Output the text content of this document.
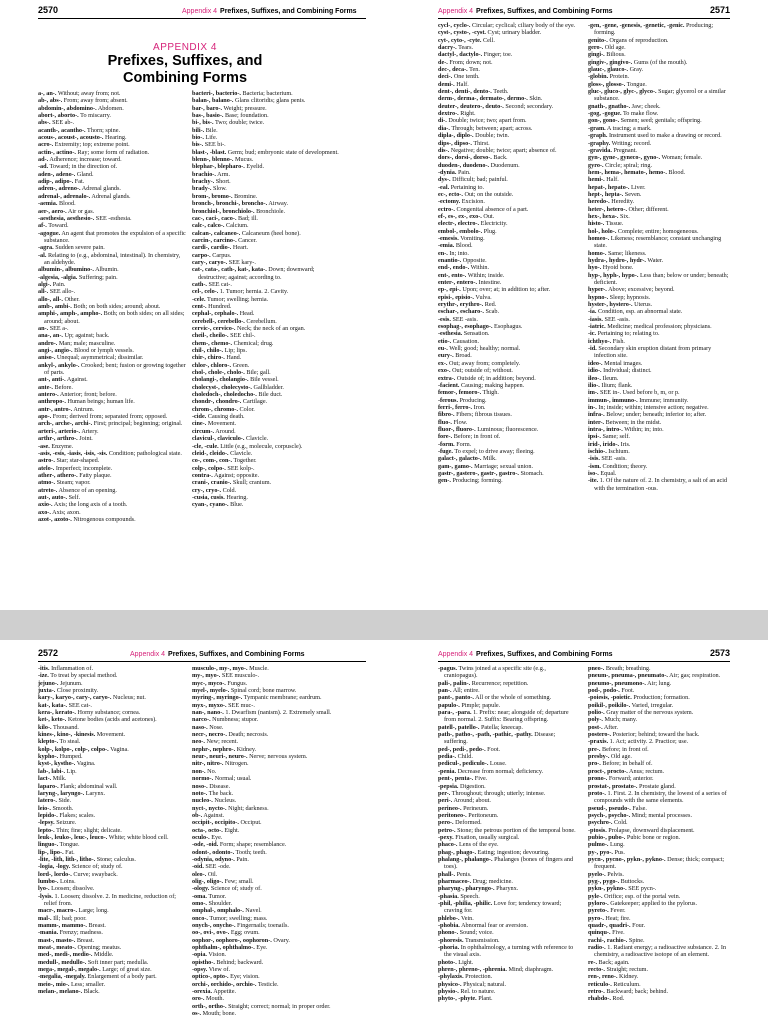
2570	Appendix 4 Prefixes, Suffixes, and Combining Forms	2571
Appendix 4 Prefixes, Suffixes, and Combining Forms
APPENDIX 4
Prefixes, Suffixes, and Combining Forms

a-, an-. Without; away from; not.

ab-, abs-. From; away from; absent.

abdomin-, abdomino-. Abdomen.

abort-, aborto-. To miscarry.

abs-. SEE ab-.

acanth-, acantho-. Thorn; spine.

acous-, acoust-, acousto-. Hearing.

acro-. Extremity; top; extreme point.

actin-, actino-. Ray; some form of radiation.

ad-. Adherence; increase; toward.

-ad. Toward; in the direction of.

aden-, adeno-. Gland.

adip-, adipo-. Fat.

adren-, adreno-. Adrenal glands.

adrenal-, adrenalo-. Adrenal glands.

-aemia. Blood.

aer-, aero-. Air or gas.

-aesthesia, aesthesio-. SEE -esthesia.

af-. Toward.

-agogue. An agent that promotes the expulsion of a specific substance.

-agra. Sudden severe pain.

-al. Relating to (e.g., abdominal, intestinal). In chemistry, an aldehyde.

albumin-, albumino-. Albumin.

-algesia, -algia. Suffering; pain.

algi-. Pain.

all-. SEE allo-.

allo-, all-. Other.

amb-, ambi-. Both; on both sides; around; about.

amphi-, amph-, ampho-. Both; on both sides; on all sides; around; about.

an-. SEE a-.

ana-, an-. Up; against; back.

andro-. Man; male; masculine.

angi-, angio-. Blood or lymph vessels.

aniso-. Unequal; asymmetrical; dissimilar.

ankyl-, ankylo-. Crooked; bent; fusion or growing together of parts.

ant-, anti-. Against.

ante-. Before.

antero-. Anterior; front; before.

anthropo-. Human beings; human life.

antr-, antro-. Antrum.

apo-. From; derived from; separated from; opposed.

arch-, arche-, archi-. First; principal; beginning; original.

arteri-, arterio-. Artery.

arthr-, arthro-. Joint.

-ase. Enzyme.

-asis, -esis, -iasis, -isis, -sis. Condition; pathological state.

astro-. Star; star-shaped.

atelo-. Imperfect; incomplete.

ather-, athero-. Fatty plaque.

atmo-. Steam; vapor.

atreto-. Absence of an opening.

aut-, auto-. Self.

axio-. Axis; the long axis of a tooth.

axo-. Axis; axon.

azot-, azoto-. Nitrogenous compounds.

bacteri-, bacterio-. Bacteria; bacterium.

balan-, balano-. Glans clitoridis; glans penis.

bar-, baro-. Weight; pressure.

bas-, basio-. Base; foundation.

bi-, bis-. Two; double; twice.

bili-. Bile.

bio-. Life.

bis-. SEE bi-.

blast-, -blast. Germ; bud; embryonic state of development.

blenn-, blenno-. Mucus.

blephar-, blepharo-. Eyelid.

brachio-. Arm.

brachy-. Short.

brady-. Slow.

brom-, bromo-. Bromine.

bronch-, bronchi-, broncho-. Airway.

bronchiol-, bronchiolo-. Bronchiole.

cac-, caci-, caco-. Bad; ill.

calc-, calco-. Calcium.

calcan-, calcaneo-. Calcaneum (heel bone).

carcin-, carcino-. Cancer.

cardi-, cardio-. Heart.

carpo-. Carpus.

cary-, caryo-. SEE kary-.

cat-, cata-, cath-, kat-, kata-. Down; downward; destructive; against; according to.

cath-. SEE cat-.

cel-, celo-. 1. Tumor; hernia. 2. Cavity.

-cele. Tumor; swelling; hernia.

cent-. Hundred.

cephal-, cephalo-. Head.

cerebell-, cerebello-. Cerebellum.

cervic-, cervico-. Neck; the neck of an organ.

cheil-, cheilo-. SEE chil-.

chem-, chemo-. Chemical; drug.

chil-, chilo-. Lip; lips.

chir-, chiro-. Hand.

chlor-, chloro-. Green.

chol-, chole-, cholo-. Bile; gall.

cholangi-, cholangio-. Bile vessel.

cholecyst-, cholecysto-. Gallbladder.

choledoch-, choledocho-. Bile duct.

chondr-, chondro-. Cartilage.

chrom-, chromo-. Color.

-cide. Causing death.

cine-. Movement.

circum-. Around.

clavicul-, claviculo-. Clavicle.

-cle, -cule. Little (e.g., molecule, corpuscle).

cleid-, cleido-. Clavicle.

co-, com-, con-. Together.

colp-, colpo-. SEE kolp-.

contra-. Against; opposite.

crani-, cranio-. Skull; cranium.

cry-, cryo-. Cold.

-cusia, cusis. Hearing.

cyan-, cyano-. Blue.

cycl-, cyclo-. Circular; cyclical; ciliary body of the eye.

cyst-, cysto-, -cyst. Cyst; urinary bladder.

cyt-, cyto-, -cyte. Cell.

dacry-. Tears.

dactyl-, dactylo-. Finger; toe.

de-. From; down; not.

dec-, deca-. Ten.

deci-. One tenth.

demi-. Half.

dent-, denti-, dento-. Teeth.

derm-, derma-, dermato-, dermo-. Skin.

deuter-, deutero-, deuto-. Second; secondary.

dextro-. Right.

di-. Double; twice; two; apart from.

dia-. Through; between; apart; across.

dipla-, diplo-. Double; twin.

dips-, dipso-. Thirst.

dis-. Negative; double; twice; apart; absence of.

dors-, dorsi-, dorso-. Back.

duoden-, duodeno-. Duodenum.

-dynia. Pain.

dys-. Difficult; bad; painful.

-eal. Pertaining to.

ec-, ecto-. Out; on the outside.

-ectomy. Excision.

ectro-. Congenital absence of a part.

ef-, es-, ex-, exo-. Out.

electr-, electro-. Electricity.

embol-, embolo-. Plug.

-emesis. Vomiting.

-emia. Blood.

en-. In; into.

enantio-. Opposite.

end-, endo-. Within.

ent-, ento-. Within; inside.

enter-, entero-. Intestine.

ep-, epi-. Upon; over; at; in addition to; after.

episi-, episio-. Vulva.

erythr-, erythro-. Red.

eschar-, escharo-. Scab.

-esis. SEE -asis.

esophag-, esophago-. Esophagus.

-esthesia. Sensation.

etio-. Causation.

eu-. Well; good; healthy; normal.

eury-. Broad.

ex-. Out; away from; completely.

exo-. Out; outside of; without.

extra-. Outside of; in addition; beyond.

-facient. Causing; making happen.

femor-, femoro-. Thigh.

-ferous. Producing.

ferri-, ferro-. Iron.

fibro-. Fibers; fibrous tissues.

fluo-. Flow.

fluor-, fluoro-. Luminous; fluorescence.

fore-. Before; in front of.

-form. Form.

-fuge. To expel; to drive away; fleeing.

galact-, galacto-. Milk.

gam-, gamo-. Marriage; sexual union.

gastr-, gastero-, gastr-, gastro-. Stomach.

gen-. Producing; forming.

-gen, -gene, -genesis, -genetic, -genic. Producing; forming.

genito-. Organs of reproduction.

gero-. Old age.

gingi-. Bilious.

gingiv-, gingivo-. Gums (of the mouth).

glauc-, glauco-. Gray.

-globin. Protein.

gloss-, glosso-. Tongue.

gluc-, gluco-, glyc-, glyco-. Sugar; glycerol or a similar substance.

gnath-, gnatho-. Jaw; cheek.

-gog, -gogue. To make flow.

gon-, gono-. Semen; seed; genitals; offspring.

-gram. A tracing; a mark.

-graph. Instrument used to make a drawing or record.

-graphy. Writing; record.

-gravida. Pregnant.

gyn-, gyne-, gyneco-, gyno-. Woman; female.

gyro-. Circle; spiral; ring.

hem-, hema-, hemato-, hemo-. Blood.

hemi-. Half.

hepat-, hepato-. Liver.

hept-, hepta-. Seven.

heredo-. Heredity.

heter-, hetero-. Other; different.

hex-, hexa-. Six.

histo-. Tissue.

hol-, holo-. Complete; entire; homogeneous.

homeo-. Likeness; resemblance; constant unchanging state.

homo-. Same; likeness.

hydra-, hydro-, hydr-. Water.

hyo-. Hyoid bone.

hyp-, hyph-, hypo-. Less than; below or under; beneath; deficient.

hyper-. Above; excessive; beyond.

hypno-. Sleep; hypnosis.

hyster-, hystero-. Uterus.

-ia. Condition, esp. an abnormal state.

-iasis. SEE -asis.

-iatric. Medicine; medical profession; physicians.

-ic. Pertaining to; relating to.

ichthyo-. Fish.

-id. Secondary skin eruption distant from primary infection site.

ideo-. Mental images.

idio-. Individual; distinct.

ileo-. Ileum.

ilio-. Ilium; flank.

im-. SEE in-. Used before b, m, or p.

immun-, immuno-. Immune; immunity.

in-. In; inside; within; intensive action; negative.

infra-. Below; under; beneath; inferior to; after.

inter-. Between; in the midst.

intra-, intro-. Within; in; into.

ipsi-. Same; self.

irid-, irido-. Iris.

ischio-. Ischium.

-isis. SEE -asis.

-ism. Condition; theory.

iso-. Equal.

-ite. 1. Of the nature of. 2. In chemistry, a salt of an acid with the termination -ous.

2572	Appendix 4 Prefixes, Suffixes, and Combining Forms	2573
Appendix 4 Prefixes, Suffixes, and Combining Forms

-itis. Inflammation of.

-ize. To treat by special method.

jejuno-. Jejunum.

juxta-. Close proximity.

kary-, karyo-, cary-, caryo-. Nucleus; nut.

kat-, kata-. SEE cat-.

kera-, kerato-. Horny substance; cornea.

ket-, keto-. Ketone bodies (acids and acetones).

kilo-. Thousand.

kines-, kino-, -kinesis. Movement.

klepto-. To steal.

kolp-, kolpo-, colp-, colpo-. Vagina.

kypho-. Humped.

kyst-, kystho-. Vagina.

lab-, labi-. Lip.

lact-. Milk.

laparo-. Flank; abdominal wall.

laryng-, laryngo-. Larynx.

latero-. Side.

leio-. Smooth.

lepido-. Flakes; scales.

-lepsy. Seizure.

lepto-. Thin; fine; slight; delicate.

leuk-, leuko-, leuc-, leuco-. White; white blood cell.

linguo-. Tongue.

lip-, lipo-. Fat.

-lite, -lith, lith-, litho-. Stone; calculus.

-logia, -logy. Science of; study of.

lord-, lordo-. Curve; swayback.

lumbo-. Loins.

lyo-. Loosen; dissolve.

-lysis. 1. Loosen; dissolve. 2. In medicine, reduction of; relief from.

macr-, macro-. Large; long.

mal-. Ill; bad; poor.

mamm-, mammo-. Breast.

-mania. Frenzy; madness.

mast-, masto-. Breast.

meat-, meato-. Opening; meatus.

med-, medi-, medio-. Middle.

medull-, medullo-. Soft inner part; medulla.

mega-, megal-, megalo-. Large; of great size.

-megalia, -megaly. Enlargement of a body part.

meio-, mio-. Less; smaller.

melan-, melano-. Black.

musculo-, my-, myo-. Muscle.

my-, myo-. SEE musculo-.

myc-, myco-. Fungus.

myel-, myelo-. Spinal cord; bone marrow.

myring-, myringo-. Tympanic membrane; eardrum.

myx-, myxo-. SEE muc-.

nan-, nano-. 1. Dwarfism (nanism). 2. Extremely small.

narco-. Numbness; stupor.

naso-. Nose.

necr-, necro-. Death; necrosis.

neo-. New; recent.

nephr-, nephro-. Kidney.

neur-, neuri-, neuro-. Nerve; nervous system.

nitr-, nitro-. Nitrogen.

non-. No.

normo-. Normal; usual.

noso-. Disease.

noto-. The back.

nucleo-. Nucleus.

nyct-, nycto-. Night; darkness.

ob-. Against.

occipit-, occipito-. Occiput.

octa-, octo-. Eight.

oculo-. Eye.

-ode, -oid. Form; shape; resemblance.

odont-, odonto-. Tooth; teeth.

-odynia, odyno-. Pain.

-oid. SEE -ode.

oleo-. Oil.

olig-, oligo-. Few; small.

-ology. Science of; study of.

-oma. Tumor.

omo-. Shoulder.

omphal-, omphalo-. Navel.

onco-. Tumor; swelling; mass.

onych-, onycho-. Fingernails; toenails.

oo-, ovi-, ovo-. Egg; ovum.

oophor-, oophoro-, oophoron-. Ovary.

ophthalm-, ophthalmo-. Eye.

-opia. Vision.

opistho-. Behind; backward.

-opsy. View of.

optico-, opto-. Eye; vision.

orchi-, orchido-, orchio-. Testicle.

-orexia. Appetite.

oro-. Mouth.

orth-, ortho-. Straight; correct; normal; in proper order.

os-. Mouth; bone.

-pagus. Twins joined at a specific site (e.g., craniopagus).

pali-, palin-. Recurrence; repetition.

pan-. All; entire.

pant-, panto-. All or the whole of something.

papulo-. Pimple; papule.

para-, -para. 1. Prefix: near; alongside of; departure from normal. 2. Suffix: Bearing offspring.

patell-, patello-. Patella; kneecap.

path-, patho-, -path, -pathic, -pathy. Disease; suffering.

ped-, pedi-, pedo-. Foot.

pedia-. Child.

pedicul-, pediculo-. Louse.

-penia. Decrease from normal; deficiency.

pent-, penta-. Five.

-pepsia. Digestion.

per-. Throughout; through; utterly; intense.

peri-. Around; about.

perineo-. Perineum.

peritoneo-. Peritoneum.

pero-. Deformed.

petro-. Stone; the petrous portion of the temporal bone.

-pexy. Fixation, usually surgical.

phaco-. Lens of the eye.

phag-, phago-. Eating; ingestion; devouring.

phalang-, phalango-. Phalanges (bones of fingers and toes).

phall-. Penis.

pharmaceo-. Drug; medicine.

pharyng-, pharyngo-. Pharynx.

-phasia. Speech.

-phil, -philia, -philic. Love for; tendency toward; craving for.

phlebo-. Vein.

-phobia. Abnormal fear or aversion.

phono-. Sound; voice.

-phoresis. Transmission.

-phoria. In ophthalmology, a turning with reference to the visual axis.

photo-. Light.

phren-, phreno-, -phrenia. Mind; diaphragm.

-phylaxis. Protection.

physico-. Physical; natural.

physio-. Rel. to nature.

phyto-, -phyte. Plant.

pneo-. Breath; breathing.

pneum-, pneuma-, pneumato-. Air; gas; respiration.

pneumo-, pneumono-. Air; lung.

pod-, podo-. Foot.

-poiesis, -poietic. Production; formation.

poikil-, poikilo-. Varied, irregular.

polio-. Gray matter of the nervous system.

poly-. Much; many.

post-. After.

postero-. Posterior; behind; toward the back.

-praxis. 1. Act; activity. 2. Practice; use.

pre-. Before; in front of.

presby-. Old age.

pro-. Before; in behalf of.

proct-, procto-. Anus; rectum.

prono-. Forward; anterior.

prostat-, prostato-. Prostate gland.

proto-. 1. First. 2. In chemistry, the lowest of a series of compounds with the same elements.

pseud-, pseudo-. False.

psych-, psycho-. Mind; mental processes.

psychro-. Cold.

-ptosis. Prolapse, downward displacement.

pubio-, pubo-. Pubic bone or region.

pulmo-. Lung.

py-, pyo-. Pus.

pycn-, pycno-, pykn-, pykno-. Dense; thick; compact; frequent.

pyelo-. Pelvis.

pyg-, pygo-. Buttocks.

pykn-, pykno-. SEE pycn-.

pyle-. Orifice; esp. of the portal vein.

pyloro-. Gatekeeper; applied to the pylorus.

pyreto-. Fever.

pyro-. Heat; fire.

quadr-, quadri-. Four.

quinqu-. Five.

rachi-, rachio-. Spine.

radio-. 1. Radiant energy; a radioactive substance. 2. In chemistry, a radioactive isotope of an element.

re-. Back; again.

recto-. Straight; rectum.

ren-, reno-. Kidney.

reticulo-. Reticulum.

retro-. Backward; back; behind.

rhabdo-. Rod.
